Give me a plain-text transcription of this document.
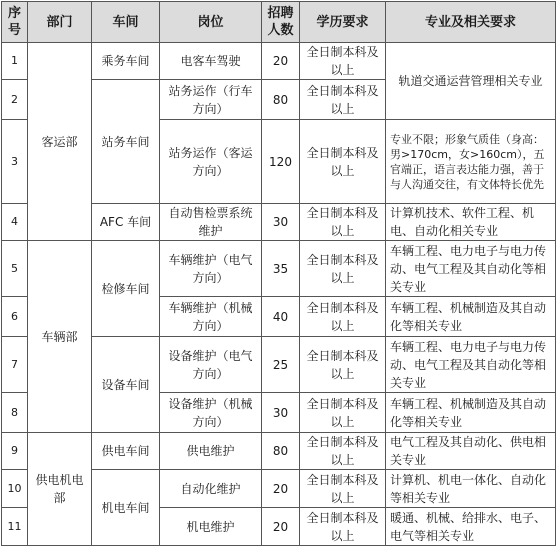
序号	部门	车间	岗位	招聘人数	学历要求	专业及相关要求
1	客运部	乘务车间	电客车驾驶	20	全日制本科及以上	轨道交通运营管理相关专业
2		站务车间	站务运作（行车方向）	80	全日制本科及以上	
3			站务运作（客运方向）	120	全日制本科及以上	专业不限；形象气质佳（身高：男>170cm，女>160cm），五官端正，语言表达能力强，善于与人沟通交往，有文体特长优先
4		AFC 车间	自动售检票系统维护	30	全日制本科及以上	计算机技术、软件工程、机电、自动化相关专业
5	车辆部	检修车间	车辆维护（电气方向）	35	全日制本科及以上	车辆工程、电力电子与电力传动、电气工程及其自动化等相关专业
6			车辆维护（机械方向）	40	全日制本科及以上	车辆工程、机械制造及其自动化等相关专业
7		设备车间	设备维护（电气方向）	25	全日制本科及以上	车辆工程、电力电子与电力传动、电气工程及其自动化等相关专业
8			设备维护（机械方向）	30	全日制本科及以上	车辆工程、机械制造及其自动化等相关专业
9	供电机电部	供电车间	供电维护	80	全日制本科及以上	电气工程及其自动化、供电相关专业
10		机电车间	自动化维护	20	全日制本科及以上	计算机、机电一体化、自动化等相关专业
11			机电维护	20	全日制本科及以上	暖通、机械、给排水、电子、电气等相关专业
